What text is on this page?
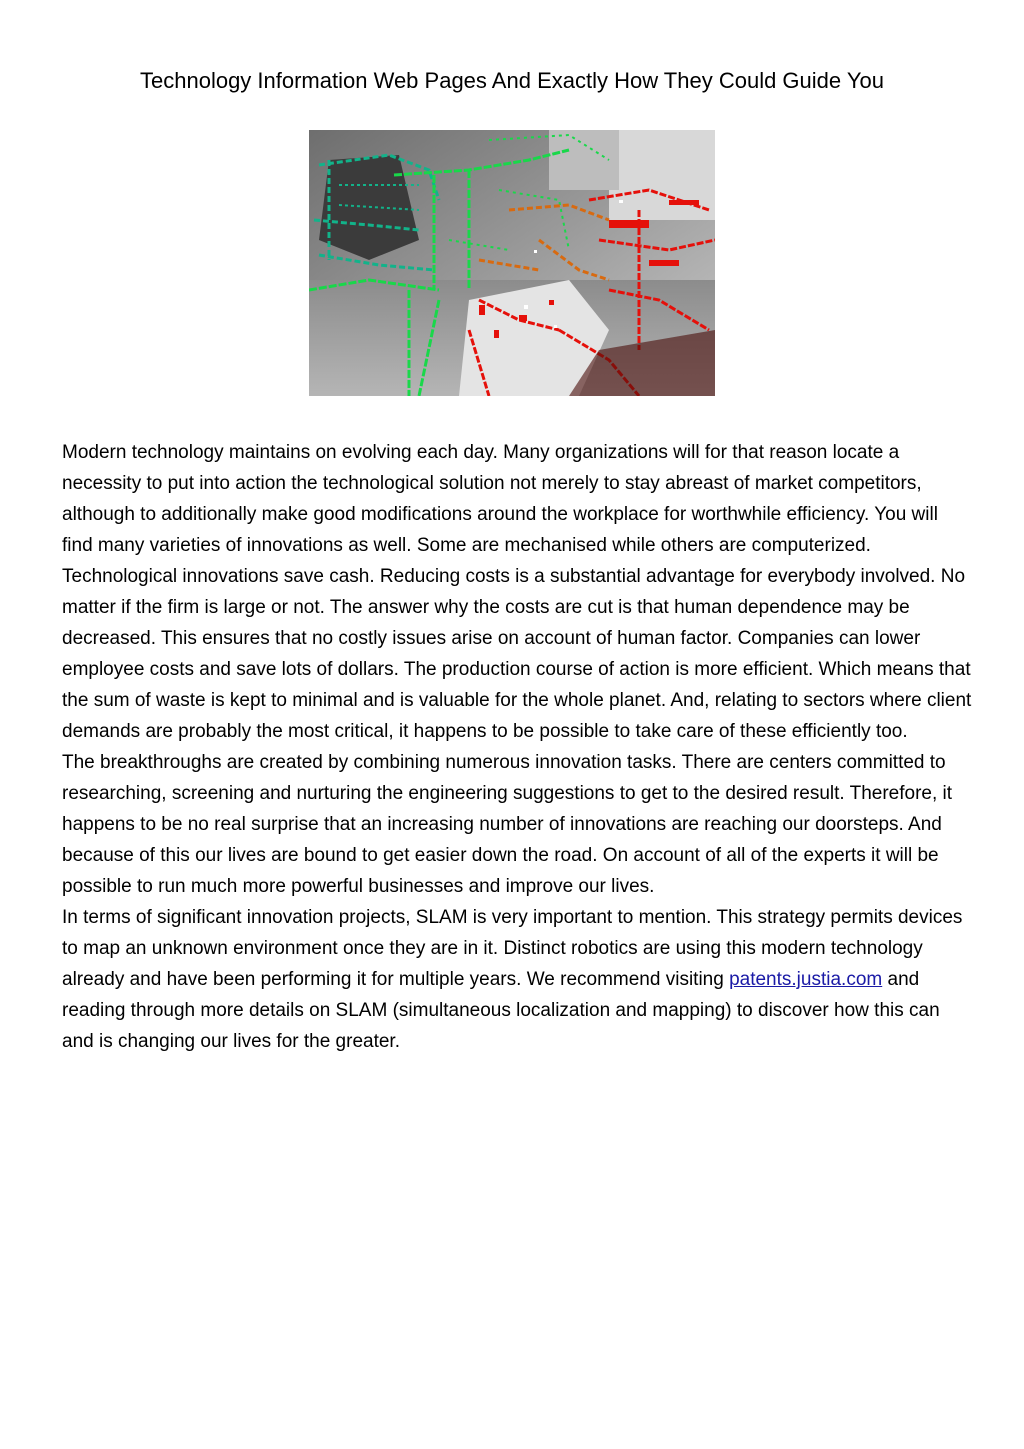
Technology Information Web Pages And Exactly How They Could Guide You

Modern technology maintains on evolving each day. Many organizations will for that reason locate a necessity to put into action the technological solution not merely to stay abreast of market competitors, although to additionally make good modifications around the workplace for worthwhile efficiency. You will find many varieties of innovations as well. Some are mechanised while others are computerized.

Technological innovations save cash. Reducing costs is a substantial advantage for everybody involved. No matter if the firm is large or not. The answer why the costs are cut is that human dependence may be decreased. This ensures that no costly issues arise on account of human factor. Companies can lower employee costs and save lots of dollars. The production course of action is more efficient. Which means that the sum of waste is kept to minimal and is valuable for the whole planet. And, relating to sectors where client demands are probably the most critical, it happens to be possible to take care of these efficiently too.

The breakthroughs are created by combining numerous innovation tasks. There are centers committed to researching, screening and nurturing the engineering suggestions to get to the desired result. Therefore, it happens to be no real surprise that an increasing number of innovations are reaching our doorsteps. And because of this our lives are bound to get easier down the road. On account of all of the experts it will be possible to run much more powerful businesses and improve our lives.

In terms of significant innovation projects, SLAM is very important to mention. This strategy permits devices to map an unknown environment once they are in it. Distinct robotics are using this modern technology already and have been performing it for multiple years. We recommend visiting patents.justia.com and reading through more details on SLAM (simultaneous localization and mapping) to discover how this can and is changing our lives for the greater.
